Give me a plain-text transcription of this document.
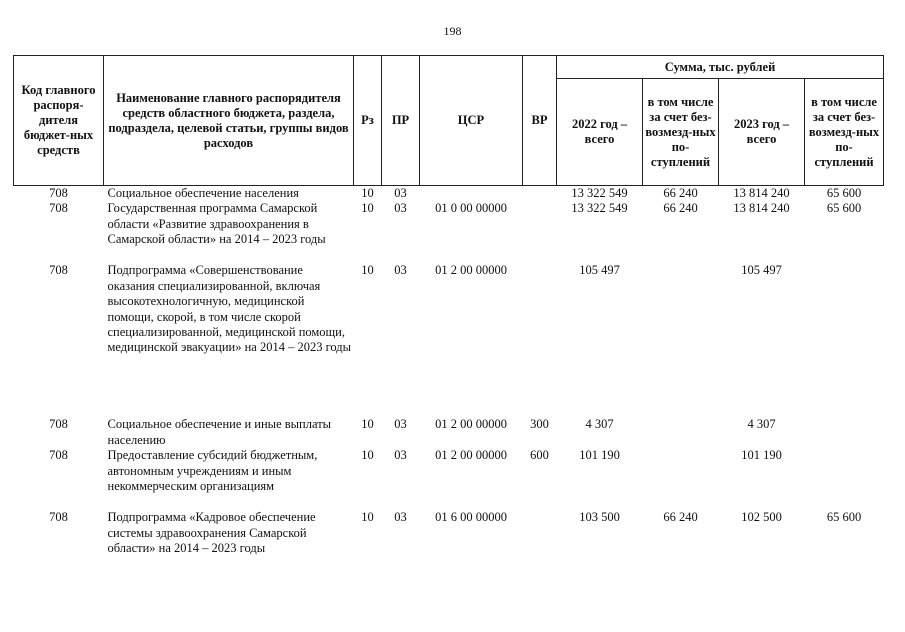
198
Код главного распоря-дителя бюджет-ных средств	Наименование главного распорядителя средств областного бюджета, раздела, подраздела, целевой статьи, группы видов расходов	Рз	ПР	ЦСР	ВР	Сумма, тыс. рублей			
						2022 год – всего	в том числе за счет без-возмезд-ных по-ступлений	2023 год – всего	в том числе за счет без-возмезд-ных по-ступлений
708	Социальное обеспечение населения	10	03			13 322 549	66 240	13 814 240	65 600
708	Государственная программа Самарской области «Развитие здравоохранения в Самарской области» на 2014 – 2023 годы	10	03	01 0 00 00000		13 322 549	66 240	13 814 240	65 600
708	Подпрограмма «Совершенствование оказания специализированной, включая высокотехнологичную, медицинской помощи, скорой, в том числе скорой специализированной, медицинской помощи, медицинской эвакуации» на 2014 – 2023 годы	10	03	01 2 00 00000		105 497		105 497	
708	Социальное обеспечение и иные выплаты населению	10	03	01 2 00 00000	300	4 307		4 307	
708	Предоставление субсидий бюджетным, автономным учреждениям и иным некоммерческим организациям	10	03	01 2 00 00000	600	101 190		101 190	
708	Подпрограмма «Кадровое обеспечение системы здравоохранения Самарской области» на 2014 – 2023 годы	10	03	01 6 00 00000		103 500	66 240	102 500	65 600
